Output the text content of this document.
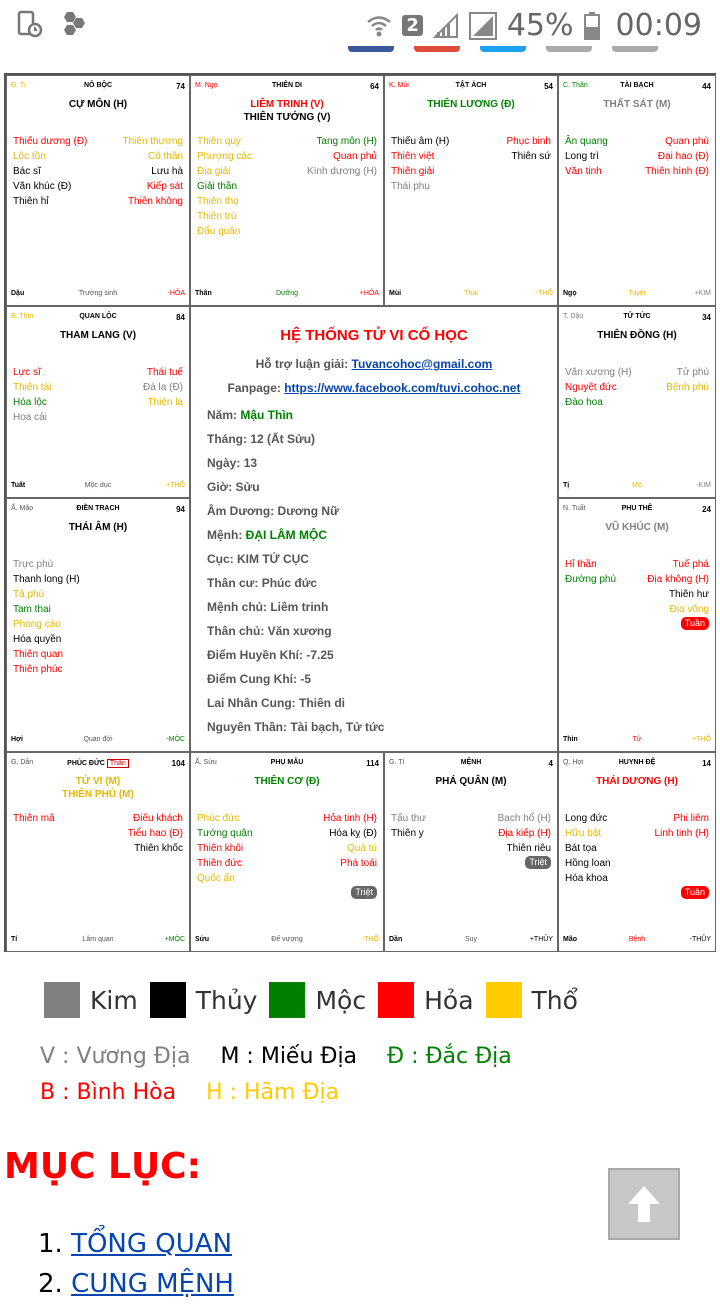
2	45% 00:09
HỆ THỐNG TỬ VI CỔ HỌC
Hỗ trợ luận giải: Tuvancohoc@gmail.com
Fanpage: https://www.facebook.com/tuvi.cohoc.net
Năm: Mậu Thìn
Tháng: 12 (Ất Sửu)
Ngày: 13
Giờ: Sửu
Âm Dương: Dương Nữ
Mệnh: ĐẠI LÂM MỘC
Cục: KIM TỨ CỤC
Thân cư: Phúc đức
Mệnh chủ: Liêm trinh
Thân chủ: Văn xương
Điểm Huyền Khí: -7.25
Điểm Cung Khí: -5
Lai Nhân Cung: Thiên di
Nguyên Thần: Tài bạch, Tử tức
Đ. Tị	NÔ BỘC	74
CỰ MÔN (H)
Thiếu dương (Đ)	Thiên thương
Lộc tồn	Cô thần
Bác sĩ	Lưu hà
Văn khúc (Đ)	Kiếp sát
Thiên hỉ	Thiên không
Dậu	Trường sinh	-HỎA
M. Ngọ	THIÊN DI	64
LIÊM TRINH (V)
THIÊN TƯỚNG (V)
Thiên quý	Tang môn (H)
Phượng các	Quan phủ
Địa giải	Kình dương (H)
Giải thần
Thiên thọ
Thiên trù
Đẩu quân
Thân	Dưỡng	+HỎA
K. Mùi	TẬT ÁCH	54
THIÊN LƯƠNG (Đ)
Thiếu âm (H)	Phục binh
Thiên việt	Thiên sứ
Thiên giải
Thái phụ
Mùi	Thai	-THỔ
C. Thân	TÀI BẠCH	44
THẤT SÁT (M)
Ân quang	Quan phù
Long trì	Đại hao (Đ)
Văn tinh	Thiên hình (Đ)
Ngọ	Tuyệt	+KIM
B. Thìn	QUAN LỘC	84
THAM LANG (V)
Lực sĩ	Thái tuế
Thiên tài	Đà la (Đ)
Hóa lộc	Thiên la
Hoa cái
Tuất	Mộc dục	+THỔ
T. Dậu	TỬ TỨC	34
THIÊN ĐỒNG (H)
Văn xương (H)	Tử phù
Nguyệt đức	Bệnh phù
Đào hoa
Tị	Mộ	-KIM
Ấ. Mão	ĐIỀN TRẠCH	94
THÁI ÂM (H)
Trực phù
Thanh long (H)
Tả phù
Tam thai
Phong cáo
Hóa quyền
Thiên quan
Thiên phúc
Hợi	Quan đới	-MỘC
N. Tuất	PHU THÊ	24
VŨ KHÚC (M)
Hỉ thần	Tuế phá
Đường phù	Địa không (H)
Thiên hư
Địa võng
Tuần
Thìn	Tử	+THỔ
G. Dần	PHÚC ĐỨC Thân	104
TỬ VI (M)
THIÊN PHỦ (M)
Thiên mã	Điếu khách
Tiểu hao (Đ)
Thiên khốc
Tí	Lâm quan	+MỘC
Ấ. Sửu	PHỤ MẪU	114
THIÊN CƠ (Đ)
Phúc đức	Hỏa tinh (H)
Tướng quân	Hóa kỵ (Đ)
Thiên khôi	Quả tú
Thiên đức	Phá toái
Quốc ấn
Triệt
Sửu	Đế vượng	-THỔ
G. Tí	MỆNH	4
PHÁ QUÂN (M)
Tấu thư	Bạch hổ (H)
Thiên y	Địa kiếp (H)
Thiên riêu
Triệt
Dần	Suy	+THỦY
Q. Hợi	HUYNH ĐỆ	14
THÁI DƯƠNG (H)
Long đức	Phi liêm
Hữu bật	Linh tinh (H)
Bát tọa
Hồng loan
Hóa khoa
Tuần
Mão	Bệnh	-THỦY
Kim Thủy Mộc Hỏa Thổ
V : Vương Địa M : Miếu Địa Đ : Đắc Địa
B : Bình Hòa H : Hãm Địa
MỤC LỤC:
1. TỔNG QUAN
2. CUNG MỆNH
